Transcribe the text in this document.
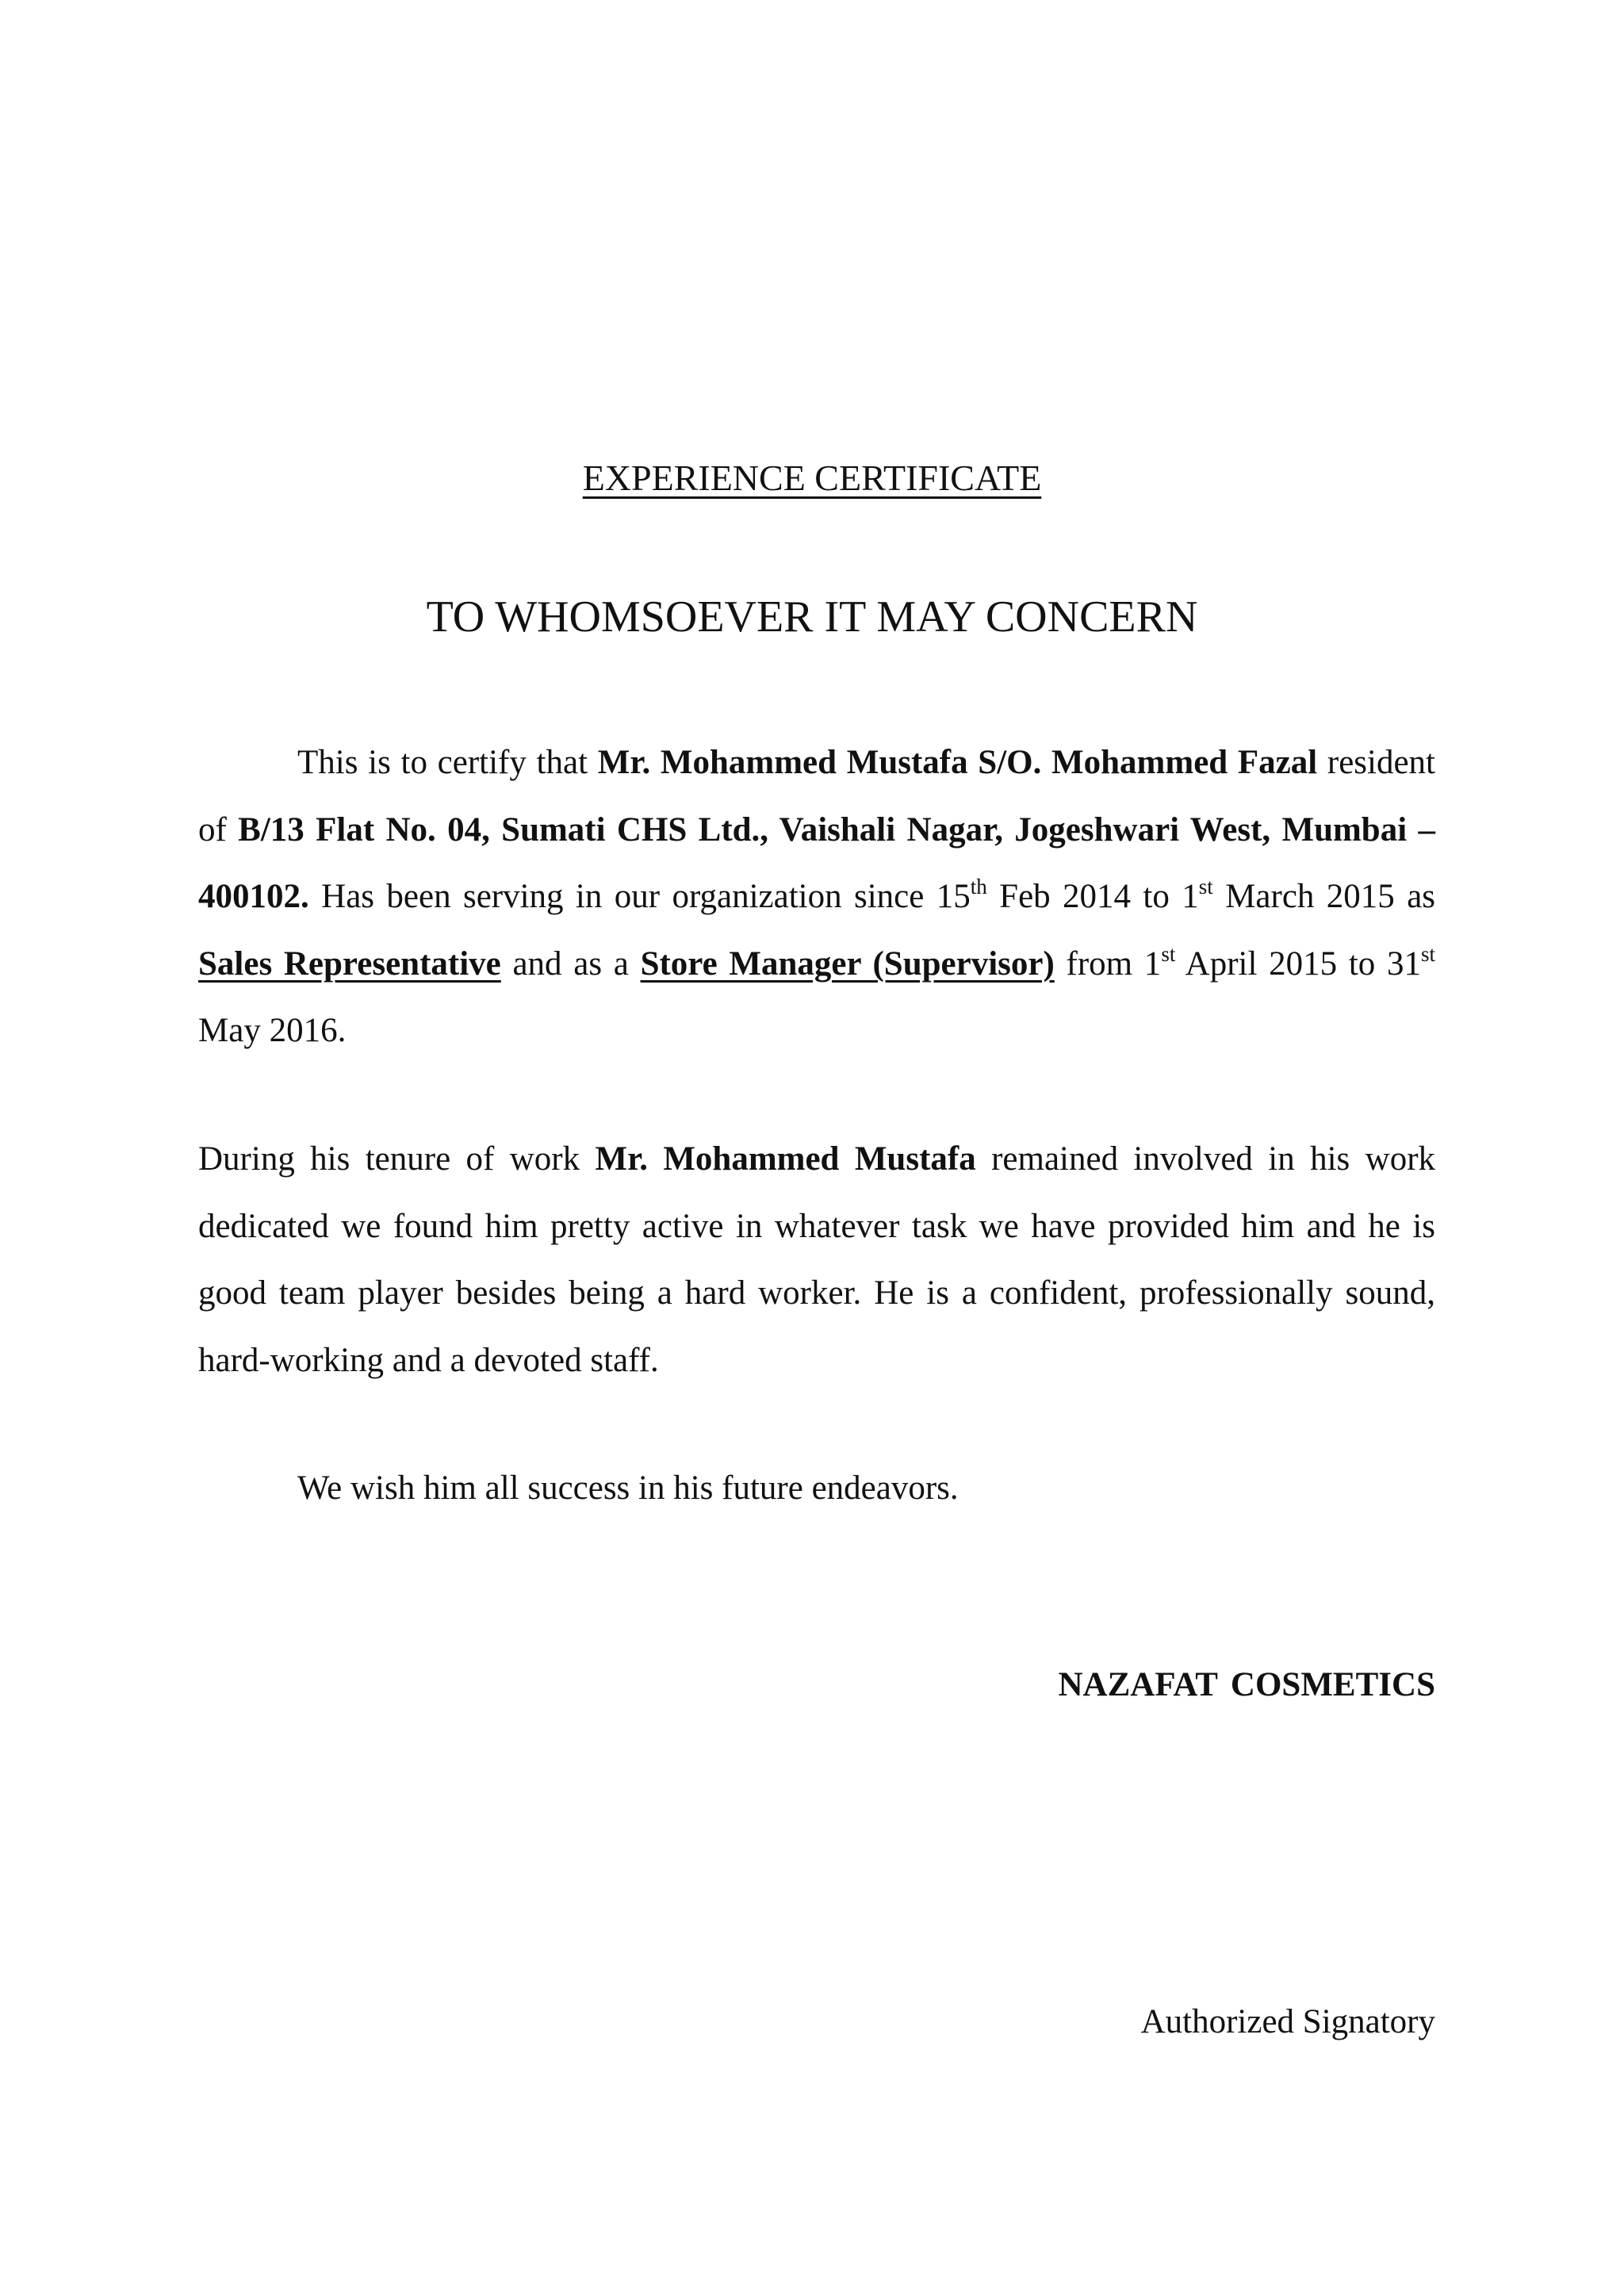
EXPERIENCE CERTIFICATE
TO WHOMSOEVER IT MAY CONCERN

This is to certify that Mr. Mohammed Mustafa S/O. Mohammed Fazal resident of B/13 Flat No. 04, Sumati CHS Ltd., Vaishali Nagar, Jogeshwari West, Mumbai – 400102. Has been serving in our organization since 15th Feb 2014 to 1st March 2015 as Sales Representative and as a Store Manager (Supervisor) from 1st April 2015 to 31st May 2016.

During his tenure of work Mr. Mohammed Mustafa remained involved in his work dedicated we found him pretty active in whatever task we have provided him and he is good team player besides being a hard worker. He is a confident, professionally sound, hard-working and a devoted staff.

We wish him all success in his future endeavors.

NAZAFAT COSMETICS

Authorized Signatory
